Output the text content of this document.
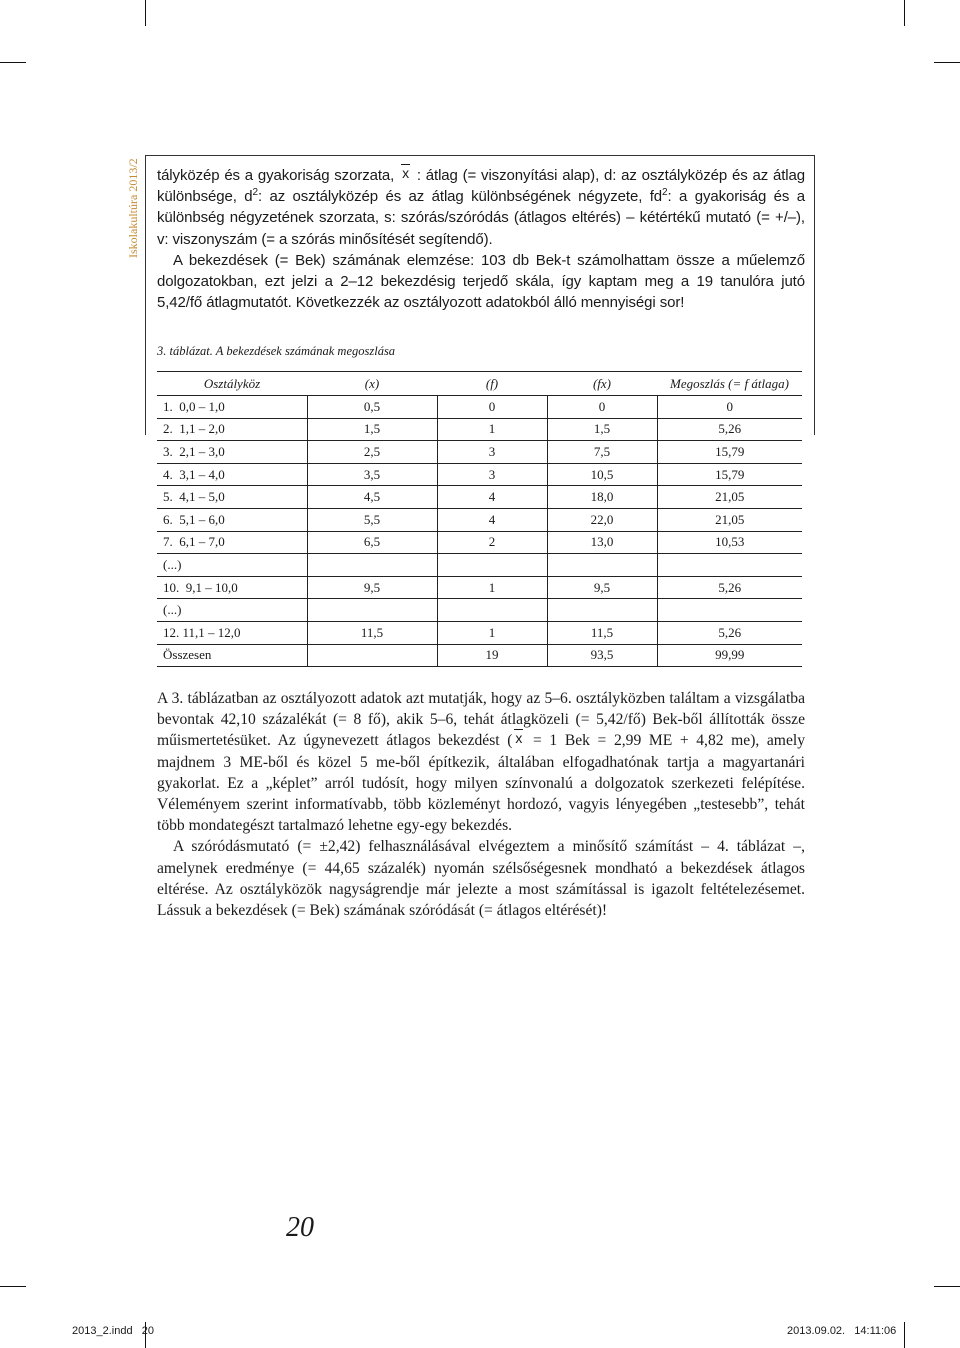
Iskolakultúra 2013/2 tályközép és a gyakoriság szorzata, x : átlag (= viszonyítási alap), d: az osztályközép és az átlag különbsége, $d^2$: az osztályközép és az átlag különbségének négyzete, $fd^2$: a gyakoriság és a különbség négyzetének szorzata, s: szórás/szóródás (átlagos eltérés) – kétértékű mutató (= +/–), v: viszonyszám (= a szórás minősítését segítendő).

A bekezdések (= Bek) számának elemzése: 103 db Bek-t számolhattam össze a műelemző dolgozatokban, ezt jelzi a 2–12 bekezdésig terjedő skála, így kaptam meg a 19 tanulóra jutó 5,42/fő átlagmutatót. Következzék az osztályozott adatokból álló mennyiségi sor!

3. táblázat. A bekezdések számának megoszlása
Osztályköz	(x)	(f)	(fx)	Megoszlás (= f átlaga)
1.  0,0 – 1,0	0,5	0	0	0
2.  1,1 – 2,0	1,5	1	1,5	5,26
3.  2,1 – 3,0	2,5	3	7,5	15,79
4.  3,1 – 4,0	3,5	3	10,5	15,79
5.  4,1 – 5,0	4,5	4	18,0	21,05
6.  5,1 – 6,0	5,5	4	22,0	21,05
7.  6,1 – 7,0	6,5	2	13,0	10,53
(...)				
10.  9,1 – 10,0	9,5	1	9,5	5,26
(...)				
12. 11,1 – 12,0	11,5	1	11,5	5,26
Összesen		19	93,5	99,99

A 3. táblázatban az osztályozott adatok azt mutatják, hogy az 5–6. osztályközben találtam a vizsgálatba bevontak 42,10 százalékát (= 8 fő), akik 5–6, tehát átlagközeli (= 5,42/fő) Bek-ből állították össze műismertetésüket. Az úgynevezett átlagos bekezdést ( x = 1 Bek = 2,99 ME + 4,82 me), amely majdnem 3 ME-ből és közel 5 me-ből építkezik, általában elfogadhatónak tartja a magyartanári gyakorlat. Ez a „képlet” arról tudósít, hogy milyen színvonalú a dolgozatok szerkezeti felépítése. Véleményem szerint informatívabb, több közleményt hordozó, vagyis lényegében „testesebb”, tehát több mondategészt tartalmazó lehetne egy-egy bekezdés.

A szóródásmutató (= ±2,42) felhasználásával elvégeztem a minősítő számítást – 4. táblázat –, amelynek eredménye (= 44,65 százalék) nyomán szélsőségesnek mondható a bekezdések átlagos eltérése. Az osztályközök nagyságrendje már jelezte a most számítással is igazolt feltételezésemet. Lássuk a bekezdések (= Bek) számának szóródását (= átlagos eltérését)!

20
2013_2.indd   20	2013.09.02.   14:11:06
